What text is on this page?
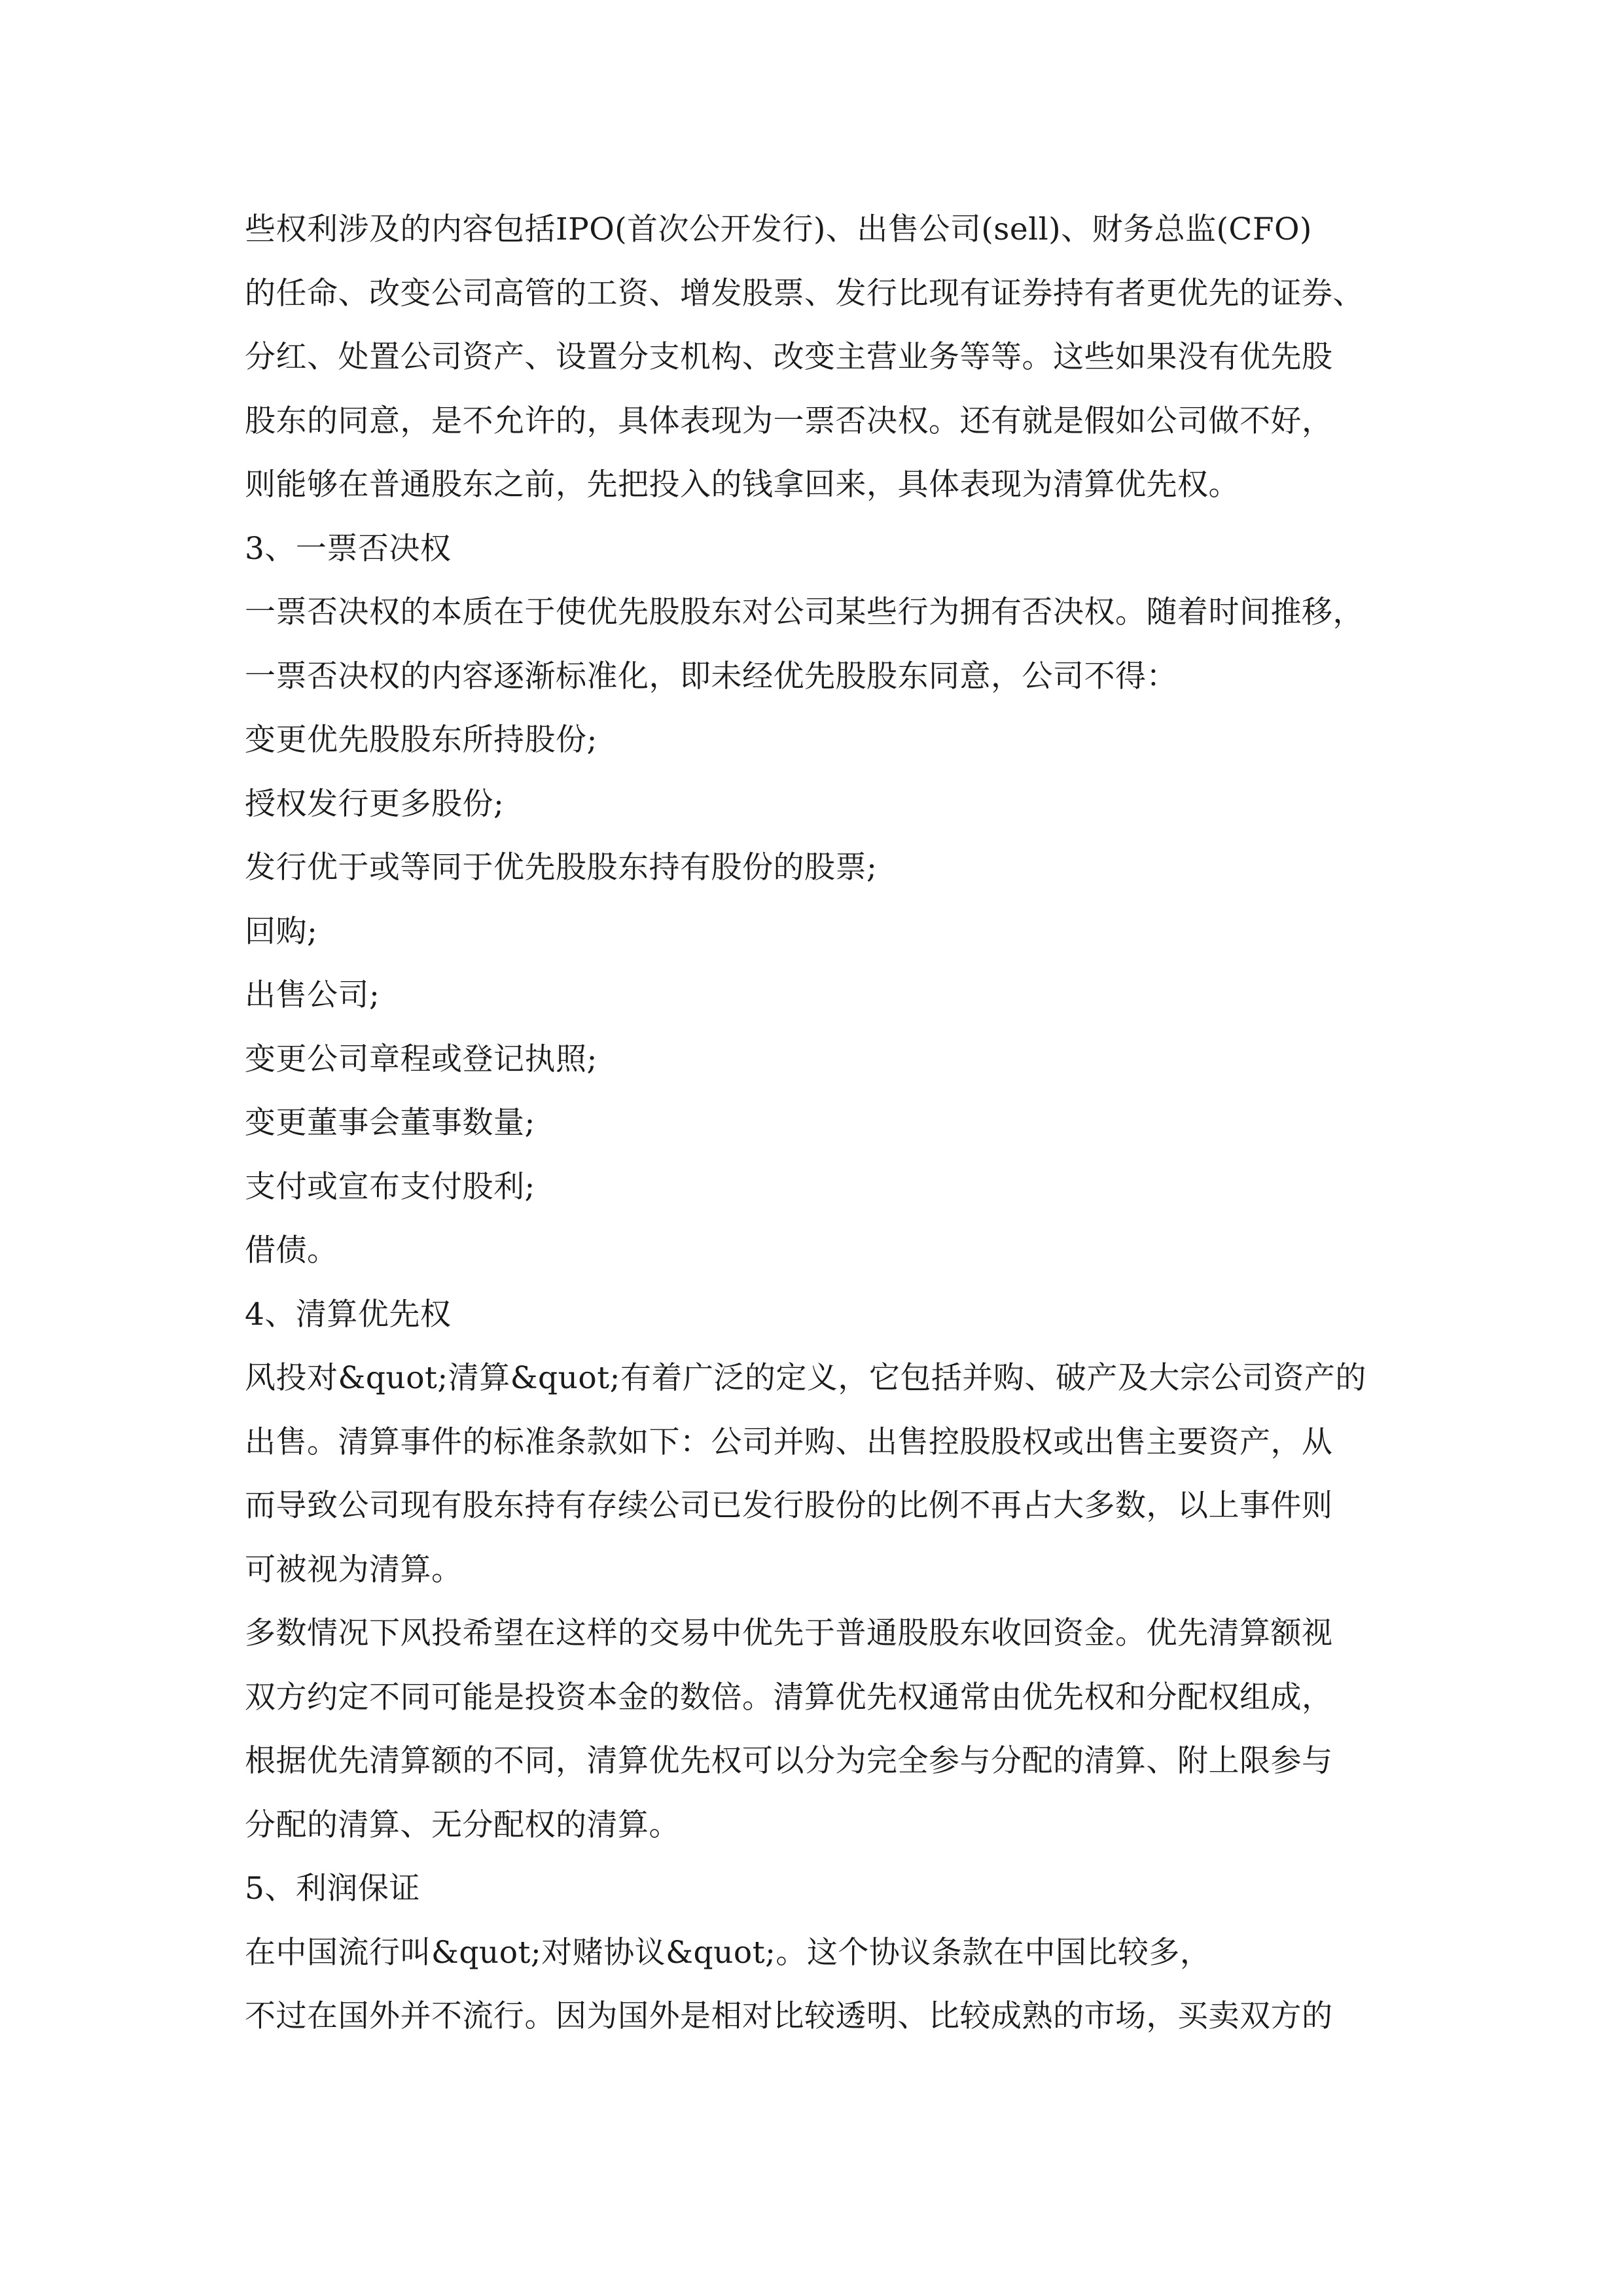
些权利涉及的内容包括IPO(首次公开发行)、出售公司(sell)、财务总监(CFO)
的任命、改变公司高管的工资、增发股票、发行比现有证券持有者更优先的证券、
分红、处置公司资产、设置分支机构、改变主营业务等等。这些如果没有优先股
股东的同意，是不允许的，具体表现为一票否决权。还有就是假如公司做不好，
则能够在普通股东之前，先把投入的钱拿回来，具体表现为清算优先权。
3、一票否决权
一票否决权的本质在于使优先股股东对公司某些行为拥有否决权。随着时间推移，
一票否决权的内容逐渐标准化，即未经优先股股东同意，公司不得：
变更优先股股东所持股份;
授权发行更多股份;
发行优于或等同于优先股股东持有股份的股票;
回购;
出售公司;
变更公司章程或登记执照;
变更董事会董事数量;
支付或宣布支付股利;
借债。
4、清算优先权
风投对&quot;清算&quot;有着广泛的定义，它包括并购、破产及大宗公司资产的
出售。清算事件的标准条款如下：公司并购、出售控股股权或出售主要资产，从
而导致公司现有股东持有存续公司已发行股份的比例不再占大多数，以上事件则
可被视为清算。
多数情况下风投希望在这样的交易中优先于普通股股东收回资金。优先清算额视
双方约定不同可能是投资本金的数倍。清算优先权通常由优先权和分配权组成，
根据优先清算额的不同，清算优先权可以分为完全参与分配的清算、附上限参与
分配的清算、无分配权的清算。
5、利润保证
在中国流行叫&quot;对赌协议&quot;。这个协议条款在中国比较多，
不过在国外并不流行。因为国外是相对比较透明、比较成熟的市场，买卖双方的
